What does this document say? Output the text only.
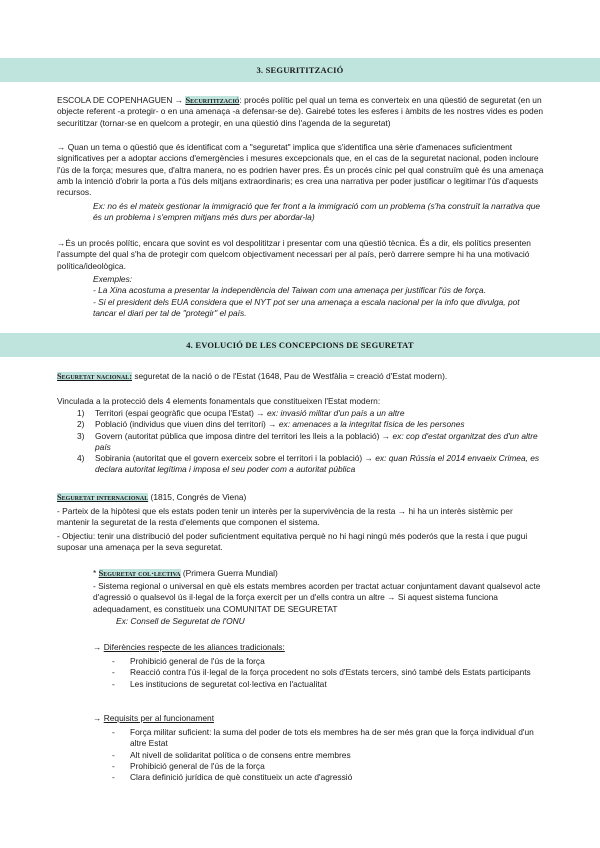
3. SEGURITITZACIÓ

ESCOLA DE COPENHAGUEN → Securitització: procés polític pel qual un tema es converteix en una qüestió de seguretat (en un objecte referent -a protegir- o en una amenaça -a defensar-se de). Gairebé totes les esferes i àmbits de les nostres vides es poden securititzar (tornar-se en quelcom a protegir, en una qüestió dins l'agenda de la seguretat)

→ Quan un tema o qüestió que és identificat com a "seguretat" implica que s'identifica una sèrie d'amenaces suficientment significatives per a adoptar accions d'emergències i mesures excepcionals que, en el cas de la seguretat nacional, poden incloure l'ús de la força; mesures que, d'altra manera, no es podrien haver pres. És un procés cínic pel qual construïm què és una amenaça amb la intenció d'obrir la porta a l'ús dels mitjans extraordinaris; es crea una narrativa per poder justificar o legitimar l'ús d'aquests recursos.

Ex: no és el mateix gestionar la immigració que fer front a la immigració com un problema (s'ha construït la narrativa que és un problema i s'empren mitjans més durs per abordar-la)

→És un procés polític, encara que sovint es vol despolititzar i presentar com una qüestió tècnica. És a dir, els polítics presenten l'assumpte del qual s'ha de protegir com quelcom objectivament necessari per al país, però darrere sempre hi ha una motivació política/ideològica.

Exemples:

- La Xina acostuma a presentar la independència del Taiwan com una amenaça per justificar l'ús de força.

- Si el president dels EUA considera que el NYT pot ser una amenaça a escala nacional per la info que divulga, pot tancar el diari per tal de "protegir" el país.

4. EVOLUCIÓ DE LES CONCEPCIONS DE SEGURETAT

Seguretat nacional: seguretat de la nació o de l'Estat (1648, Pau de Westfàlia = creació d'Estat modern).

Vinculada a la protecció dels 4 elements fonamentals que constitueixen l'Estat modern:

1) Territori (espai geogràfic que ocupa l'Estat) → ex: invasió militar d'un país a un altre
2) Població (individus que viuen dins del territori) → ex: amenaces a la integritat física de les persones
3) Govern (autoritat pública que imposa dintre del territori les lleis a la població) → ex: cop d'estat organitzat des d'un altre país
4) Sobirania (autoritat que el govern exerceix sobre el territori i la població) → ex: quan Rússia el 2014 envaeix Crimea, es declara autoritat legítima i imposa el seu poder com a autoritat pública

Seguretat internacional (1815, Congrés de Viena)

- Parteix de la hipòtesi que els estats poden tenir un interès per la supervivència de la resta → hi ha un interès sistèmic per mantenir la seguretat de la resta d'elements que componen el sistema.

- Objectiu: tenir una distribució del poder suficientment equitativa perquè no hi hagi ningú més poderós que la resta i que pugui suposar una amenaça per la seva seguretat.

* Seguretat col·lectiva (Primera Guerra Mundial)

- Sistema regional o universal en què els estats membres acorden per tractat actuar conjuntament davant qualsevol acte d'agressió o qualsevol ús il·legal de la força exercit per un d'ells contra un altre → Si aquest sistema funciona adequadament, es constitueix una COMUNITAT DE SEGURETAT

Ex: Consell de Seguretat de l'ONU

→ Diferències respecte de les aliances tradicionals:

- Prohibició general de l'ús de la força
- Reacció contra l'ús il·legal de la força procedent no sols d'Estats tercers, sinó també dels Estats participants
- Les institucions de seguretat col·lectiva en l'actualitat

→ Requisits per al funcionament

- Força militar suficient: la suma del poder de tots els membres ha de ser més gran que la força individual d'un altre Estat
- Alt nivell de solidaritat política o de consens entre membres
- Prohibició general de l'ús de la força
- Clara definició jurídica de què constitueix un acte d'agressió
